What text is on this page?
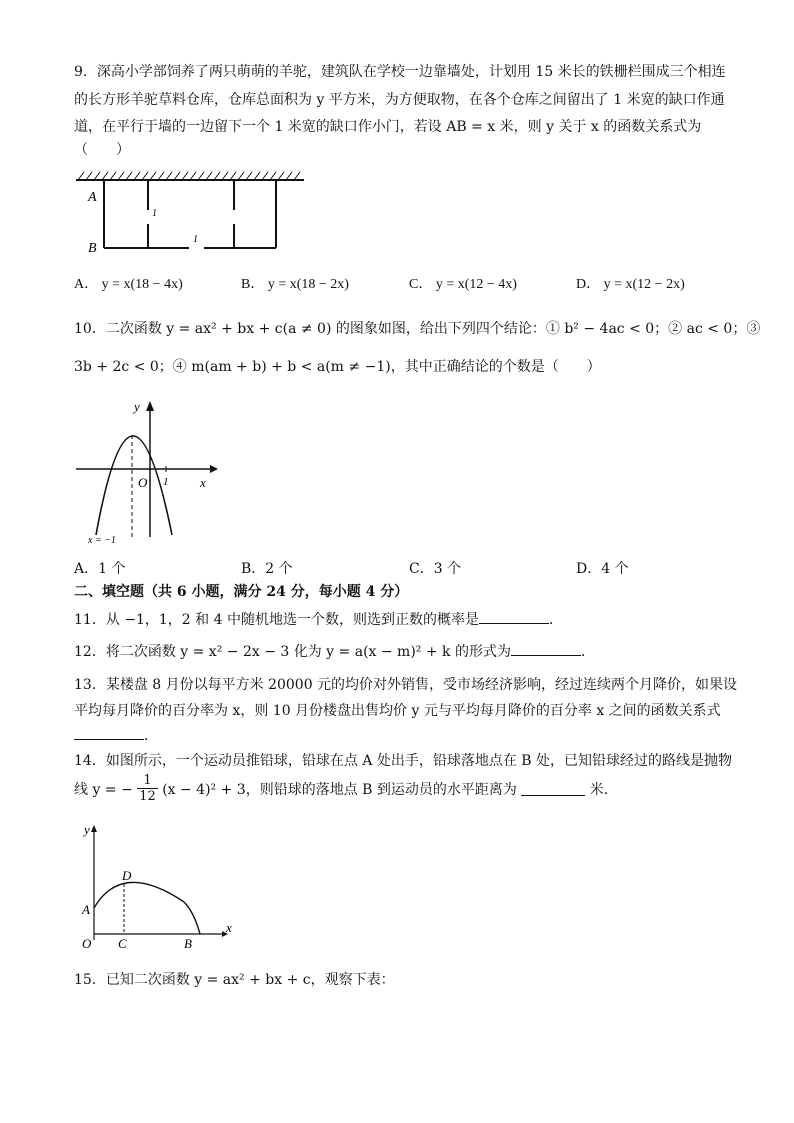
9．深高小学部饲养了两只萌萌的羊驼，建筑队在学校一边靠墙处，计划用 15 米长的铁栅栏围成三个相连
的长方形羊驼草料仓库，仓库总面积为 y 平方米，为方便取物，在各个仓库之间留出了 1 米宽的缺口作通
道，在平行于墙的一边留下一个 1 米宽的缺口作小门，若设 AB = x 米，则 y 关于 x 的函数关系式为
（　　）
A
B
1
1
A． y = x(18 − 4x)	B． y = x(18 − 2x)	C． y = x(12 − 4x)	D． y = x(12 − 2x)
10．二次函数 y = ax² + bx + c(a ≠ 0) 的图象如图，给出下列四个结论：① b² − 4ac < 0；② ac < 0；③
3b + 2c < 0；④ m(am + b) + b < a(m ≠ −1)，其中正确结论的个数是（　　）
y
x
O 1
x = −1
A．1 个	B．2 个	C．3 个	D．4 个
二、填空题（共 6 小题，满分 24 分，每小题 4 分）
11．从 −1，1，2 和 4 中随机地选一个数，则选到正数的概率是	．
12．将二次函数 y = x² − 2x − 3 化为 y = a(x − m)² + k 的形式为	．
13．某楼盘 8 月份以每平方米 20000 元的均价对外销售，受市场经济影响，经过连续两个月降价，如果设
平均每月降价的百分率为 x，则 10 月份楼盘出售均价 y 元与平均每月降价的百分率 x 之间的函数关系式
．
14．如图所示，一个运动员推铅球，铅球在点 A 处出手，铅球落地点在 B 处，已知铅球经过的路线是抛物
线 y = − $\frac{1}{12} (x - 4)^2 + 3$，则铅球的落地点 B 到运动员的水平距离为	米．
y
x
O
A
B
C
D
15．已知二次函数 y = ax² + bx + c，观察下表：
